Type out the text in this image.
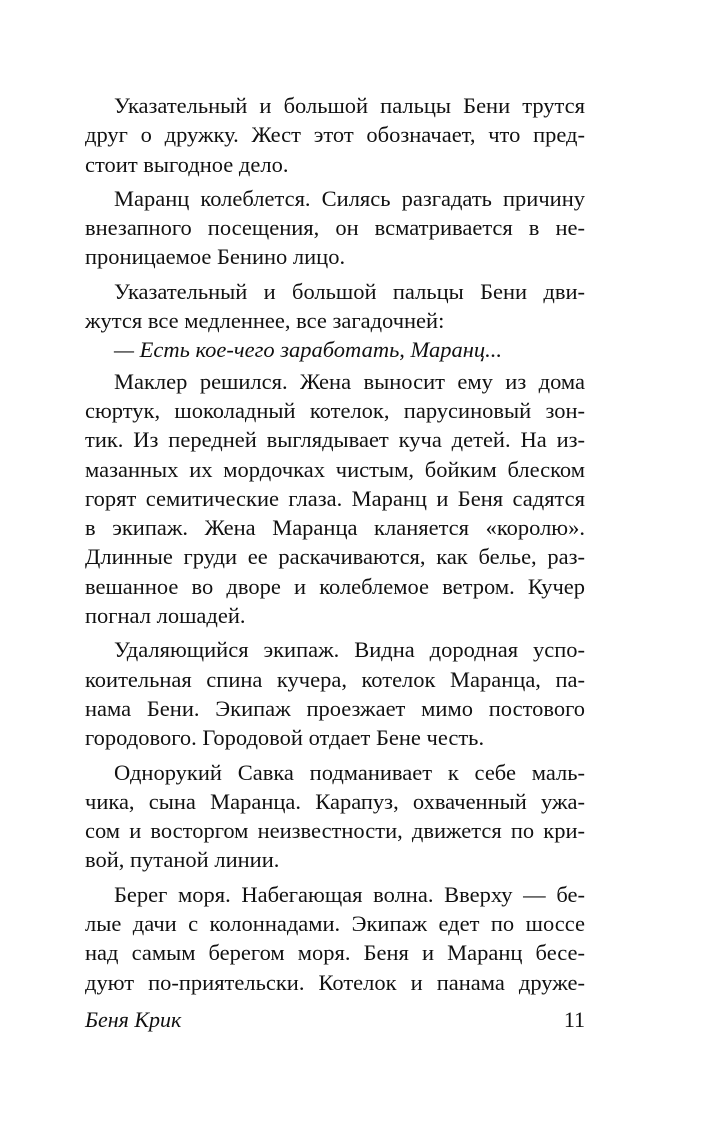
Указательный и большой пальцы Бени трутся
друг о дружку. Жест этот обозначает, что пред-
стоит выгодное дело.
Маранц колеблется. Силясь разгадать причину
внезапного посещения, он всматривается в не-
проницаемое Бенино лицо.
Указательный и большой пальцы Бени дви-
жутся все медленнее, все загадочней:
— Есть кое-чего заработать, Маранц...
Маклер решился. Жена выносит ему из дома
сюртук, шоколадный котелок, парусиновый зон-
тик. Из передней выглядывает куча детей. На из-
мазанных их мордочках чистым, бойким блеском
горят семитические глаза. Маранц и Беня садятся
в экипаж. Жена Маранца кланяется «королю».
Длинные груди ее раскачиваются, как белье, раз-
вешанное во дворе и колеблемое ветром. Кучер
погнал лошадей.
Удаляющийся экипаж. Видна дородная успо-
коительная спина кучера, котелок Маранца, па-
нама Бени. Экипаж проезжает мимо постового
городового. Городовой отдает Бене честь.
Однорукий Савка подманивает к себе маль-
чика, сына Маранца. Карапуз, охваченный ужа-
сом и восторгом неизвестности, движется по кри-
вой, путаной линии.
Берег моря. Набегающая волна. Вверху — бе-
лые дачи с колоннадами. Экипаж едет по шоссе
над самым берегом моря. Беня и Маранц бесе-
дуют по-приятельски. Котелок и панама друже-
Беня Крик	11
